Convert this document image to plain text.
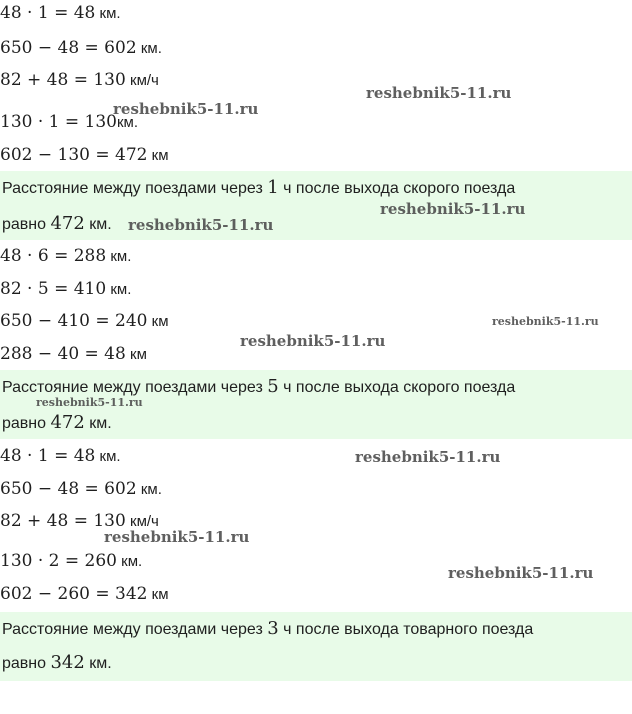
48 · 1 = 48 км.
650 − 48 = 602 км.
82 + 48 = 130 км/ч
130 · 1 = 130км.
602 − 130 = 472 км
Расстояние между поездами через 1 ч после выхода скорого поезда
равно 472 км.
48 · 6 = 288 км.
82 · 5 = 410 км.
650 − 410 = 240 км
288 − 40 = 48 км
Расстояние между поездами через 5 ч после выхода скорого поезда
равно 472 км.
48 · 1 = 48 км.
650 − 48 = 602 км.
82 + 48 = 130 км/ч
130 · 2 = 260 км.
602 − 260 = 342 км
Расстояние между поездами через 3 ч после выхода товарного поезда
равно 342 км.
reshebnik5-11.ru
reshebnik5-11.ru
reshebnik5-11.ru
reshebnik5-11.ru
reshebnik5-11.ru
reshebnik5-11.ru
reshebnik5-11.ru
reshebnik5-11.ru
reshebnik5-11.ru
reshebnik5-11.ru
